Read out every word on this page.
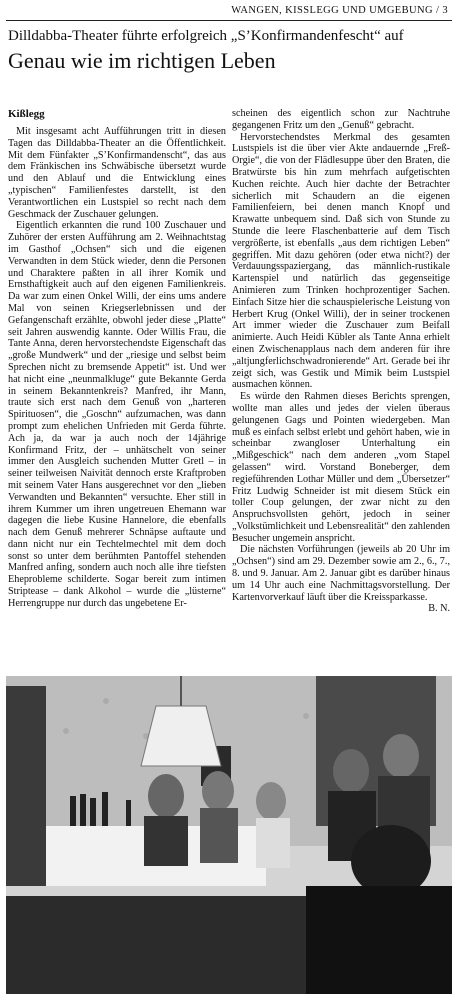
WANGEN, KISSLEGG UND UMGEBUNG / 3
Dilldabba-Theater führte erfolgreich „S’Konfirmandenfescht“ auf
Genau wie im richtigen Leben
Kißlegg

Mit insgesamt acht Aufführungen tritt in diesen Tagen das Dilldabba-Theater an die Öffentlichkeit. Mit dem Fünfakter „S’Konfirmandenscht“, das aus dem Fränkischen ins Schwäbische übersetzt wurde und den Ablauf und die Entwicklung eines „typischen“ Familienfestes darstellt, ist den Verantwortlichen ein Lustspiel so recht nach dem Geschmack der Zuschauer gelungen.

Eigentlich erkannten die rund 100 Zuschauer und Zuhörer der ersten Aufführung am 2. Weihnachtstag im Gasthof „Ochsen“ sich und die eigenen Verwandten in dem Stück wieder, denn die Personen und Charaktere paßten in all ihrer Komik und Ernsthaftigkeit auch auf den eigenen Familienkreis. Da war zum einen Onkel Willi, der eins ums andere Mal von seinen Kriegserlebnissen und der Gefangenschaft erzählte, obwohl jeder diese „Platte“ seit Jahren auswendig kannte. Oder Willis Frau, die Tante Anna, deren hervorstechendste Eigenschaft das „große Mundwerk“ und der „riesige und selbst beim Sprechen nicht zu bremsende Appetit“ ist. Und wer hat nicht eine „neunmalkluge“ gute Bekannte Gerda in seinem Bekanntenkreis? Manfred, ihr Mann, traute sich erst nach dem Genuß von „harteren Spirituosen“, die „Goschn“ aufzumachen, was dann prompt zum ehelichen Unfrieden mit Gerda führte. Ach ja, da war ja auch noch der 14jährige Konfirmand Fritz, der – unhätschelt von seiner immer den Ausgleich suchenden Mutter Gretl – in seiner teilweisen Naivität dennoch erste Kraftproben mit seinem Vater Hans ausgerechnet vor den „lieben Verwandten und Bekannten“ versuchte. Eher still in ihrem Kummer um ihren ungetreuen Ehemann war dagegen die liebe Kusine Hannelore, die ebenfalls nach dem Genuß mehrerer Schnäpse auftaute und dann nicht nur ein Techtelmechtel mit dem doch sonst so unter dem berühmten Pantoffel stehenden Manfred anfing, sondern auch noch alle ihre tiefsten Eheprobleme schilderte. Sogar bereit zum intimen Striptease – dank Alkohol – wurde die „lüsterne“ Herrengruppe nur durch das ungebetene Er-

scheinen des eigentlich schon zur Nachtruhe gegangenen Fritz um den „Genuß“ gebracht.

Hervorstechendstes Merkmal des gesamten Lustspiels ist die über vier Akte andauernde „Freß-Orgie“, die von der Flädlesuppe über den Braten, die Bratwürste bis hin zum mehrfach aufgetischten Kuchen reichte. Auch hier dachte der Betrachter sicherlich mit Schaudern an die eigenen Familienfeiern, bei denen manch Knopf und Krawatte unbequem sind. Daß sich von Stunde zu Stunde die leere Flaschenbatterie auf dem Tisch vergrößerte, ist ebenfalls „aus dem richtigen Leben“ gegriffen. Mit dazu gehören (oder etwa nicht?) der Verdauungsspaziergang, das männlich-rustikale Kartenspiel und natürlich das gegenseitige Animieren zum Trinken hochprozentiger Sachen. Einfach Sitze hier die schauspielerische Leistung von Herbert Krug (Onkel Willi), der in seiner trockenen Art immer wieder die Zuschauer zum Beifall animierte. Auch Heidi Kübler als Tante Anna erhielt einen Zwischenapplaus nach dem anderen für ihre „altjungferlichschwadronierende“ Art. Gerade bei ihr zeigt sich, was Gestik und Mimik beim Lustspiel ausmachen können.

Es würde den Rahmen dieses Berichts sprengen, wollte man alles und jedes der vielen überaus gelungenen Gags und Pointen wiedergeben. Man muß es einfach selbst erlebt und gehört haben, wie in scheinbar zwangloser Unterhaltung ein „Mißgeschick“ nach dem anderen „vom Stapel gelassen“ wird. Vorstand Boneberger, dem regieführenden Lothar Müller und dem „Übersetzer“ Fritz Ludwig Schneider ist mit diesem Stück ein toller Coup gelungen, der zwar nicht zu den Anspruchsvollsten gehört, jedoch in seiner „Volkstümlichkeit und Lebensrealität“ den zahlenden Besucher ungemein anspricht.

Die nächsten Vorführungen (jeweils ab 20 Uhr im „Ochsen“) sind am 29. Dezember sowie am 2., 6., 7., 8. und 9. Januar. Am 2. Januar gibt es darüber hinaus um 14 Uhr auch eine Nachmittagsvorstellung. Der Kartenvorverkauf läuft über die Kreissparkasse.

B. N.
